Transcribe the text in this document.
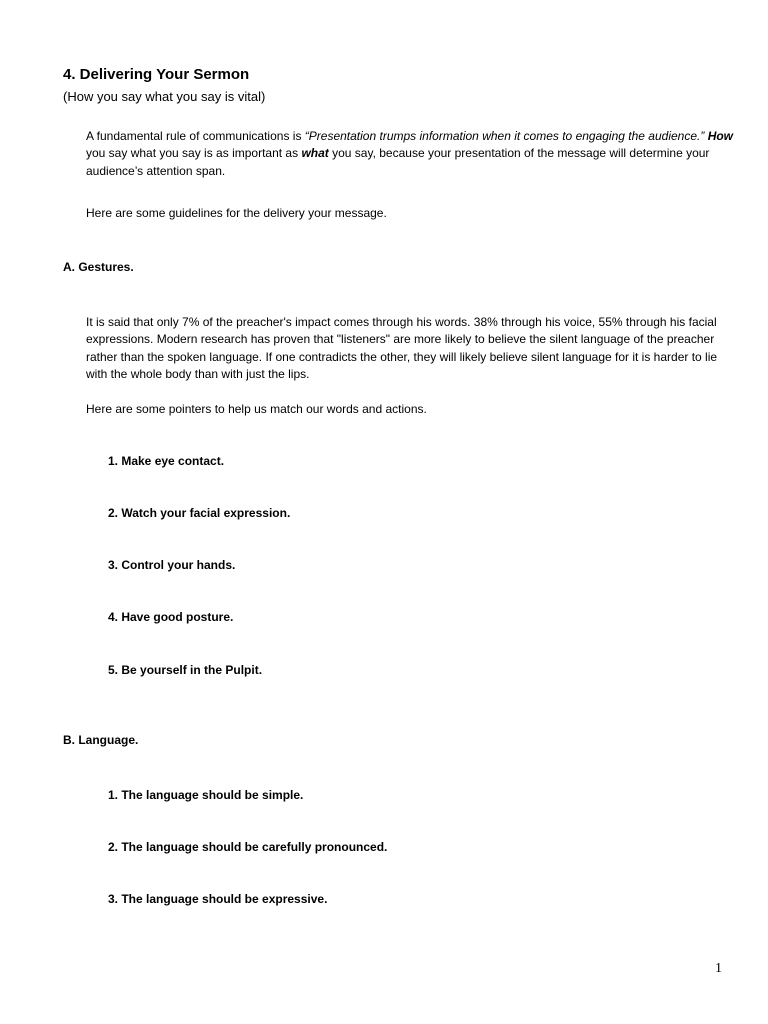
4. Delivering Your Sermon
(How you say what you say is vital)
A fundamental rule of communications is “Presentation trumps information when it comes to engaging the audience.” How you say what you say is as important as what you say, because your presentation of the message will determine your audience’s attention span.
Here are some guidelines for the delivery your message.
A. Gestures.
It is said that only 7% of the preacher's impact comes through his words. 38% through his voice, 55% through his facial expressions. Modern research has proven that "listeners" are more likely to believe the silent language of the preacher rather than the spoken language. If one contradicts the other, they will likely believe silent language for it is harder to lie with the whole body than with just the lips.
Here are some pointers to help us match our words and actions.
1. Make eye contact.
2. Watch your facial expression.
3. Control your hands.
4. Have good posture.
5. Be yourself in the Pulpit.
B. Language.
1. The language should be simple.
2. The language should be carefully pronounced.
3. The language should be expressive.
1
